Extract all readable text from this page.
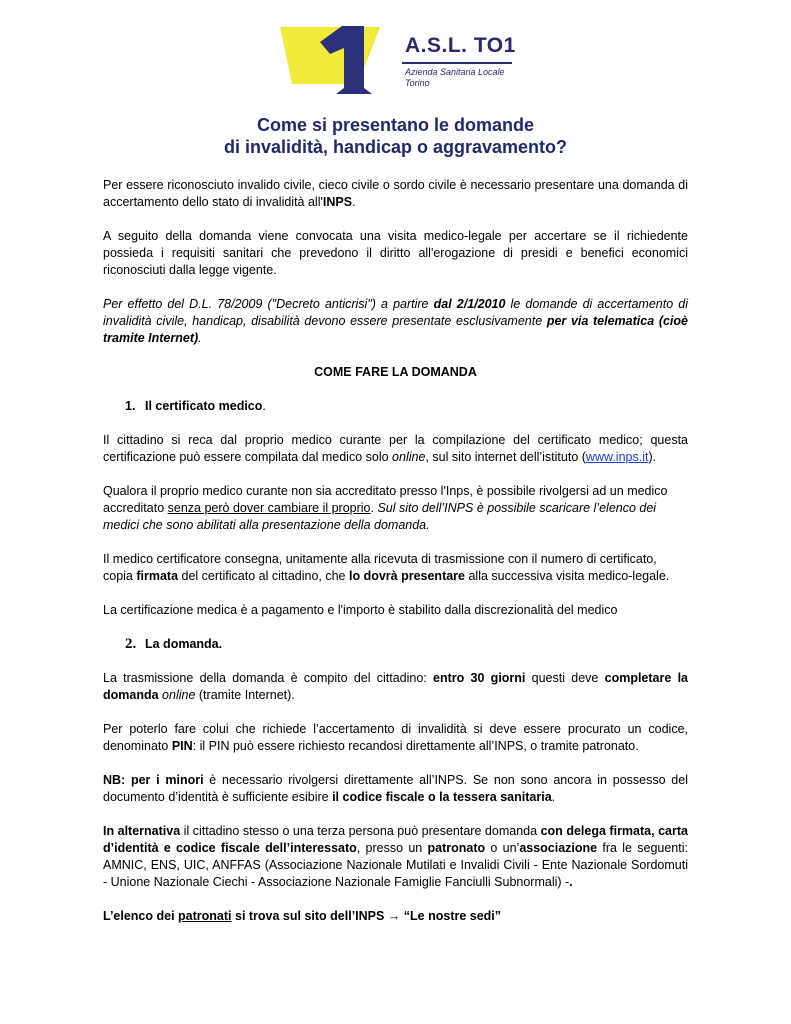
A.S.L. TO1
Azienda Sanitaria Locale
Torino
Come si presentano le domande
di invalidità, handicap o aggravamento?

Per essere riconosciuto invalido civile, cieco civile o sordo civile è necessario presentare una domanda di accertamento dello stato di invalidità all'INPS.

A seguito della domanda viene convocata una visita medico-legale per accertare se il richiedente possieda i requisiti sanitari che prevedono il diritto all'erogazione di presidi e benefici economici riconosciuti dalla legge vigente.

Per effetto del D.L. 78/2009 ("Decreto anticrisi") a partire dal 2/1/2010 le domande di accertamento di invalidità civile, handicap, disabilità devono essere presentate esclusivamente per via telematica (cioè tramite Internet).

COME FARE LA DOMANDA

1. Il certificato medico.

Il cittadino si reca dal proprio medico curante per la compilazione del certificato medico; questa certificazione può essere compilata dal medico solo online, sul sito internet dell’istituto (www.inps.it).

Qualora il proprio medico curante non sia accreditato presso l'Inps, è possibile rivolgersi ad un medico accreditato senza però dover cambiare il proprio. Sul sito dell’INPS è possibile scaricare l’elenco dei medici che sono abilitati alla presentazione della domanda.

Il medico certificatore consegna, unitamente alla ricevuta di trasmissione con il numero di certificato, copia firmata del certificato al cittadino, che lo dovrà presentare alla successiva visita medico-legale.

La certificazione medica è a pagamento e l'importo è stabilito dalla discrezionalità del medico

2. La domanda.

La trasmissione della domanda è compito del cittadino: entro 30 giorni questi deve completare la domanda online (tramite Internet).

Per poterlo fare colui che richiede l’accertamento di invalidità si deve essere procurato un codice, denominato PIN: il PIN può essere richiesto recandosi direttamente all’INPS, o tramite patronato.

NB: per i minori è necessario rivolgersi direttamente all’INPS. Se non sono ancora in possesso del documento d’identità è sufficiente esibire il codice fiscale o la tessera sanitaria.

In alternativa il cittadino stesso o una terza persona può presentare domanda con delega firmata, carta d’identità e codice fiscale dell’interessato, presso un patronato o un’associazione fra le seguenti: AMNIC, ENS, UIC, ANFFAS (Associazione Nazionale Mutilati e Invalidi Civili - Ente Nazionale Sordomuti - Unione Nazionale Ciechi - Associazione Nazionale Famiglie Fanciulli Subnormali) -.

L’elenco dei patronati si trova sul sito dell’INPS → “Le nostre sedi”
